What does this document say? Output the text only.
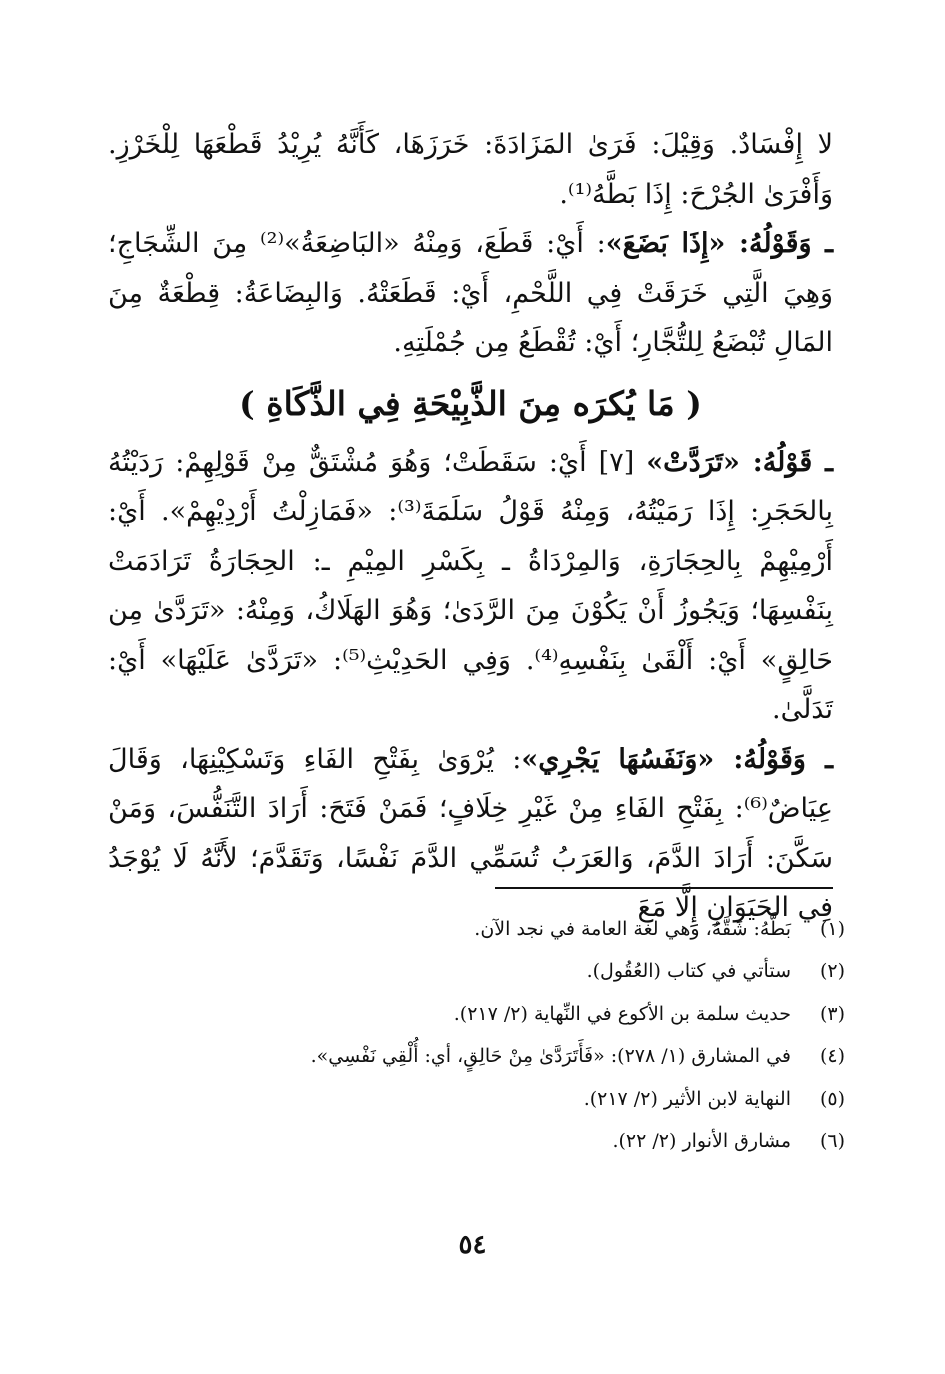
لا إِفْسَادٌ. وَقِيْلَ: فَرَىٰ المَزَادَةَ: خَرَزَهَا، كَأَنَّهُ يُرِيْدُ قَطْعَهَا لِلْخَرْزِ. وَأَفْرَىٰ الجُرْحَ: إِذَا بَطَّهُ⁽¹⁾.

ـ وَقَوْلُهُ: «إِذَا بَضَعَ»: أَيْ: قَطَعَ، وَمِنْهُ «البَاضِعَةُ»⁽²⁾ مِنَ الشِّجَاجِ؛ وَهِيَ الَّتِي خَرَقَتْ فِي اللَّحْمِ، أَيْ: قَطَعَتْهُ. وَالبِضَاعَةُ: قِطْعَةٌ مِنَ المَالِ تُبْضَعُ لِلتُّجَّارِ؛ أَيْ: تُقْطَعُ مِن جُمْلَتِهِ.

( مَا يُكرَه مِنَ الذَّبِيْحَةِ فِي الذَّكَاةِ )

ـ قَوْلُهُ: «تَرَدَّتْ» [٧] أَيْ: سَقَطَتْ؛ وَهُوَ مُشْتَقٌّ مِنْ قَوْلِهِمْ: رَدَيْتُهُ بِالحَجَرِ: إِذَا رَمَيْتُهُ، وَمِنْهُ قَوْلُ سَلَمَةَ⁽³⁾: «فَمَازِلْتُ أَرْدِيْهِمْ». أَيْ: أَرْمِيْهِمْ بِالحِجَارَةِ، وَالمِرْدَاةُ ـ بِكَسْرِ المِيْمِ ـ: الحِجَارَةُ تَرَادَمَتْ بِنَفْسِهَا؛ وَيَجُوزُ أَنْ يَكُوْنَ مِنَ الرَّدَىٰ؛ وَهُوَ الهَلَاكُ، وَمِنْهُ: «تَرَدَّىٰ مِن حَالِقٍ» أَيْ: أَلْقَىٰ بِنَفْسِهِ⁽⁴⁾. وَفِي الحَدِيْثِ⁽⁵⁾: «تَرَدَّىٰ عَلَيْهَا» أَيْ: تَدَلَّىٰ.

ـ وَقَوْلُهُ: «وَنَفَسُهَا يَجْرِي»: يُرْوَىٰ بِفَتْحِ الفَاءِ وَتَسْكِيْنِهَا، وَقَالَ عِيَاضٌ⁽⁶⁾: بِفَتْحِ الفَاءِ مِنْ غَيْرِ خِلَافٍ؛ فَمَنْ فَتَحَ: أَرَادَ التَّنَفُّسَ، وَمَنْ سَكَّنَ: أَرَادَ الدَّمَ، وَالعَرَبُ تُسَمِّي الدَّمَ نَفْسًا، وَتَقَدَّمَ؛ لأَنَّهُ لَا يُوْجَدُ فِي الحَيَوَانِ إِلَّا مَعَ

(١)
بَطَّهُ: شَقَّهُ، وهي لغة العامة في نجد الآن.
(٢)
ستأتي في كتاب (العُقُول).
(٣)
حديث سلمة بن الأكوع في النِّهاية (٢/ ٢١٧).
(٤)
في المشارق (١/ ٢٧٨): «فَأَتَرَدَّىٰ مِنْ حَالِقٍ، أي: أُلْقِي نَفْسِي».
(٥)
النهاية لابن الأثير (٢/ ٢١٧).
(٦)
مشارق الأنوار (٢/ ٢٢).
٥٤
